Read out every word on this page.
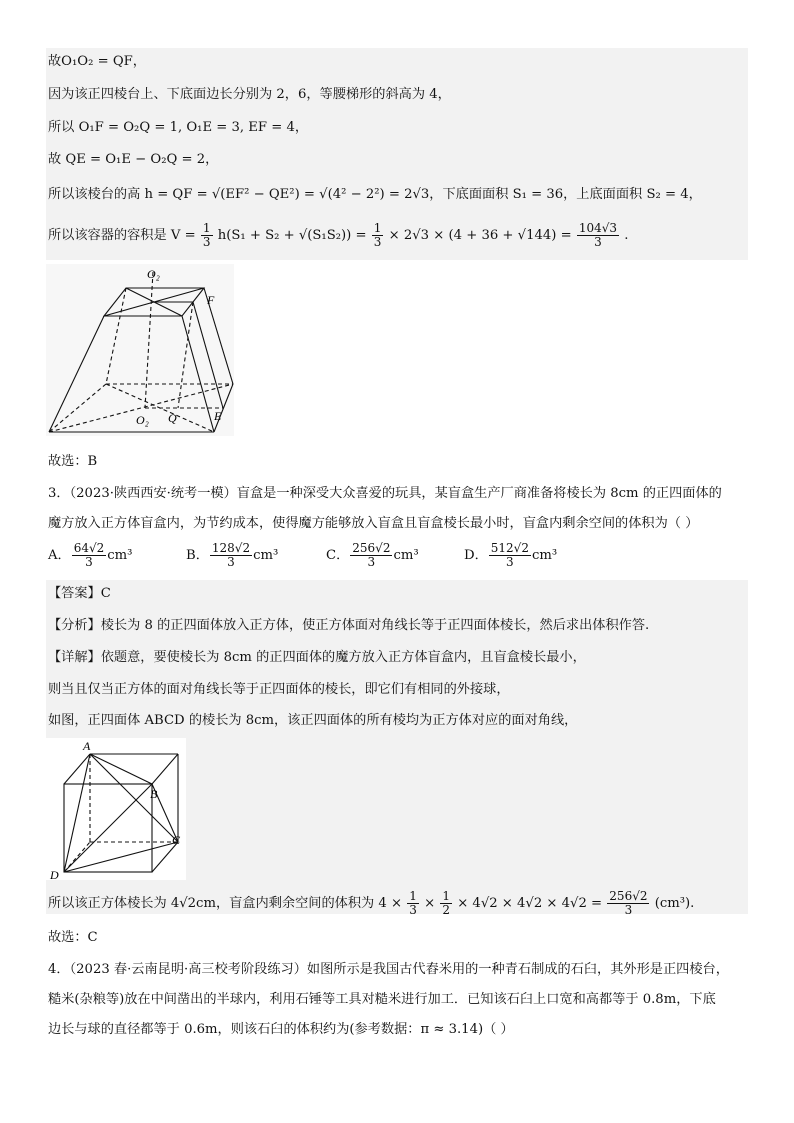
故O₁O₂ = QF，
因为该正四棱台上、下底面边长分别为 2，6，等腰梯形的斜高为 4，
所以 O₁F = O₂Q = 1, O₁E = 3, EF = 4，
故 QE = O₁E − O₂Q = 2，
所以该棱台的高 h = QF = √(EF² − QE²) = √(4² − 2²) = 2√3，下底面面积 S₁ = 36，上底面面积 S₂ = 4，
所以该容器的容积是 $V = \frac{1}{3} h(S_1 + S_2 + √(S_1S_2)) = \frac{1}{3} \times 2√3 \times (4 + 36 + √144) = \frac{104√3}{3}$ .
O₂
F
O₂ Q	E
故选：B
3．（2023·陕西西安·统考一模）盲盒是一种深受大众喜爱的玩具，某盲盒生产厂商准备将棱长为 8cm 的正四面体的
魔方放入正方体盲盒内，为节约成本，使得魔方能够放入盲盒且盲盒棱长最小时，盲盒内剩余空间的体积为（ ）
A． $\frac{64√2}{3} cm^3$	B． $\frac{128√2}{3} cm^3$	C． $\frac{256√2}{3} cm^3$	D． $\frac{512√2}{3} cm^3$
【答案】C
【分析】棱长为 8 的正四面体放入正方体，使正方体面对角线长等于正四面体棱长，然后求出体积作答.
【详解】依题意，要使棱长为 8cm 的正四面体的魔方放入正方体盲盒内，且盲盒棱长最小，
则当且仅当正方体的面对角线长等于正四面体的棱长，即它们有相同的外接球，
如图，正四面体 ABCD 的棱长为 8cm，该正四面体的所有棱均为正方体对应的面对角线，
A
B
C
D
所以该正方体棱长为 4√2cm，盲盒内剩余空间的体积为 $4 \times \frac{1}{3} \times \frac{1}{2} \times 4√2 \times 4√2 \times 4√2 = \frac{256√2}{3} (cm^3)$.
故选：C
4．（2023 春·云南昆明·高三校考阶段练习）如图所示是我国古代舂米用的一种青石制成的石臼，其外形是正四棱台，
糙米(杂粮等)放在中间凿出的半球内，利用石锤等工具对糙米进行加工．已知该石臼上口宽和高都等于 0.8m，下底
边长与球的直径都等于 0.6m，则该石臼的体积约为(参考数据：π ≈ 3.14)（ ）
